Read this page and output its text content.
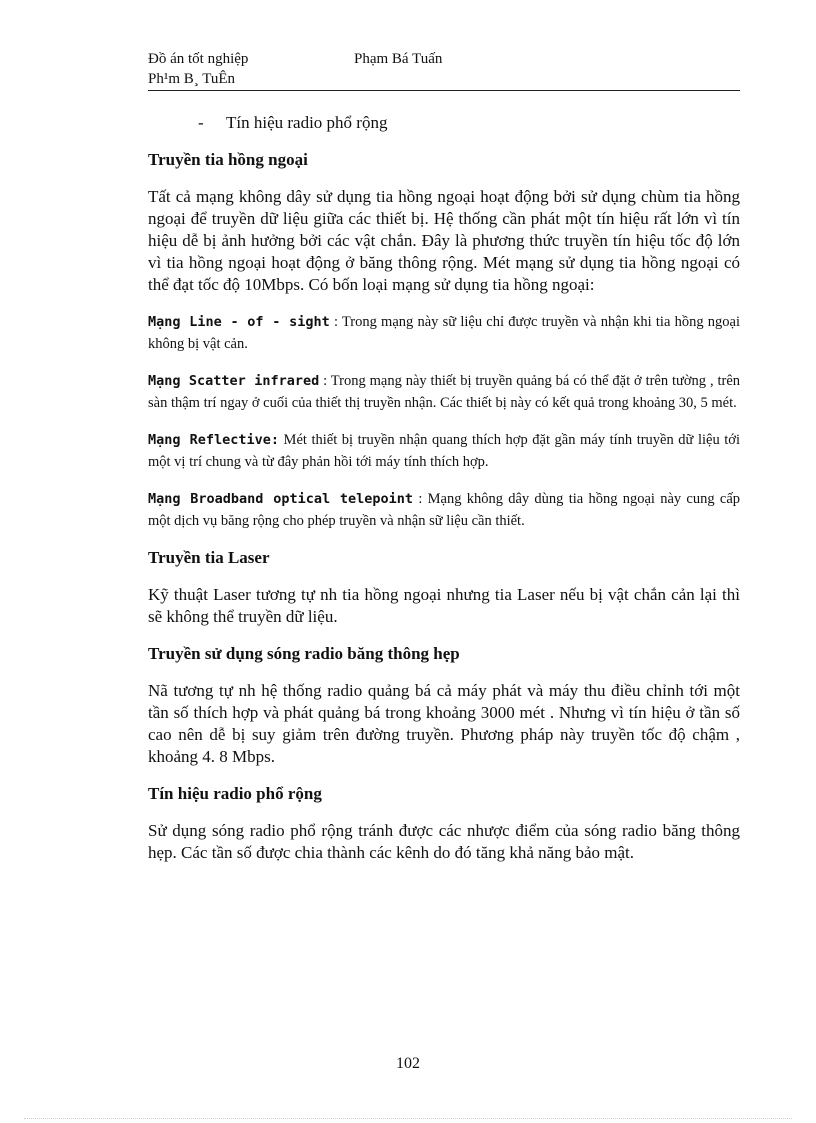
Đồ án tốt nghiệp	Phạm Bá Tuấn
Ph¹m B¸ TuÊn
- Tín hiệu radio phổ rộng
Truyền tia hồng ngoại

Tất cả mạng không dây sử dụng tia hồng ngoại hoạt động bởi sử dụng chùm tia hồng ngoại để truyền dữ liệu giữa các thiết bị. Hệ thống cần phát một tín hiệu rất lớn vì tín hiệu dễ bị ảnh hưởng bởi các vật chắn. Đây là phương thức truyền tín hiệu tốc độ lớn vì tia hồng ngoại hoạt động ở băng thông rộng. Mét mạng sử dụng tia hồng ngoại có thể đạt tốc độ 10Mbps. Có bốn loại mạng sử dụng tia hồng ngoại:

Mạng Line - of - sight : Trong mạng này sữ liệu chỉ được truyền và nhận khi tia hồng ngoại không bị vật cản.

Mạng Scatter infrared : Trong mạng này thiết bị truyền quảng bá có thể đặt ở trên tường , trên sàn thậm trí ngay ở cuối của thiết thị truyền nhận. Các thiết bị này có kết quả trong khoảng 30, 5 mét.

Mạng Reflective: Mét thiết bị truyền nhận quang thích hợp đặt gần máy tính truyền dữ liệu tới một vị trí chung và từ đây phản hồi tới máy tính thích hợp.

Mạng Broadband optical telepoint : Mạng không dây dùng tia hồng ngoại này cung cấp một dịch vụ băng rộng cho phép truyền và nhận sữ liệu cần thiết.

Truyền tia Laser

Kỹ thuật Laser tương tự nh tia hồng ngoại nhưng tia Laser nếu bị vật chắn cản lại thì sẽ không thể truyền dữ liệu.

Truyền sử dụng sóng radio băng thông hẹp

Nã tương tự nh hệ thống radio quảng bá cả máy phát và máy thu điều chỉnh tới một tần số thích hợp và phát quảng bá trong khoảng 3000 mét . Nhưng vì tín hiệu ở tần số cao nên dễ bị suy giảm trên đường truyền. Phương pháp này truyền tốc độ chậm , khoảng 4. 8 Mbps.

Tín hiệu radio phổ rộng

Sử dụng sóng radio phổ rộng tránh được các nhược điểm của sóng radio băng thông hẹp. Các tần số được chia thành các kênh do đó tăng khả năng bảo mật.

102
